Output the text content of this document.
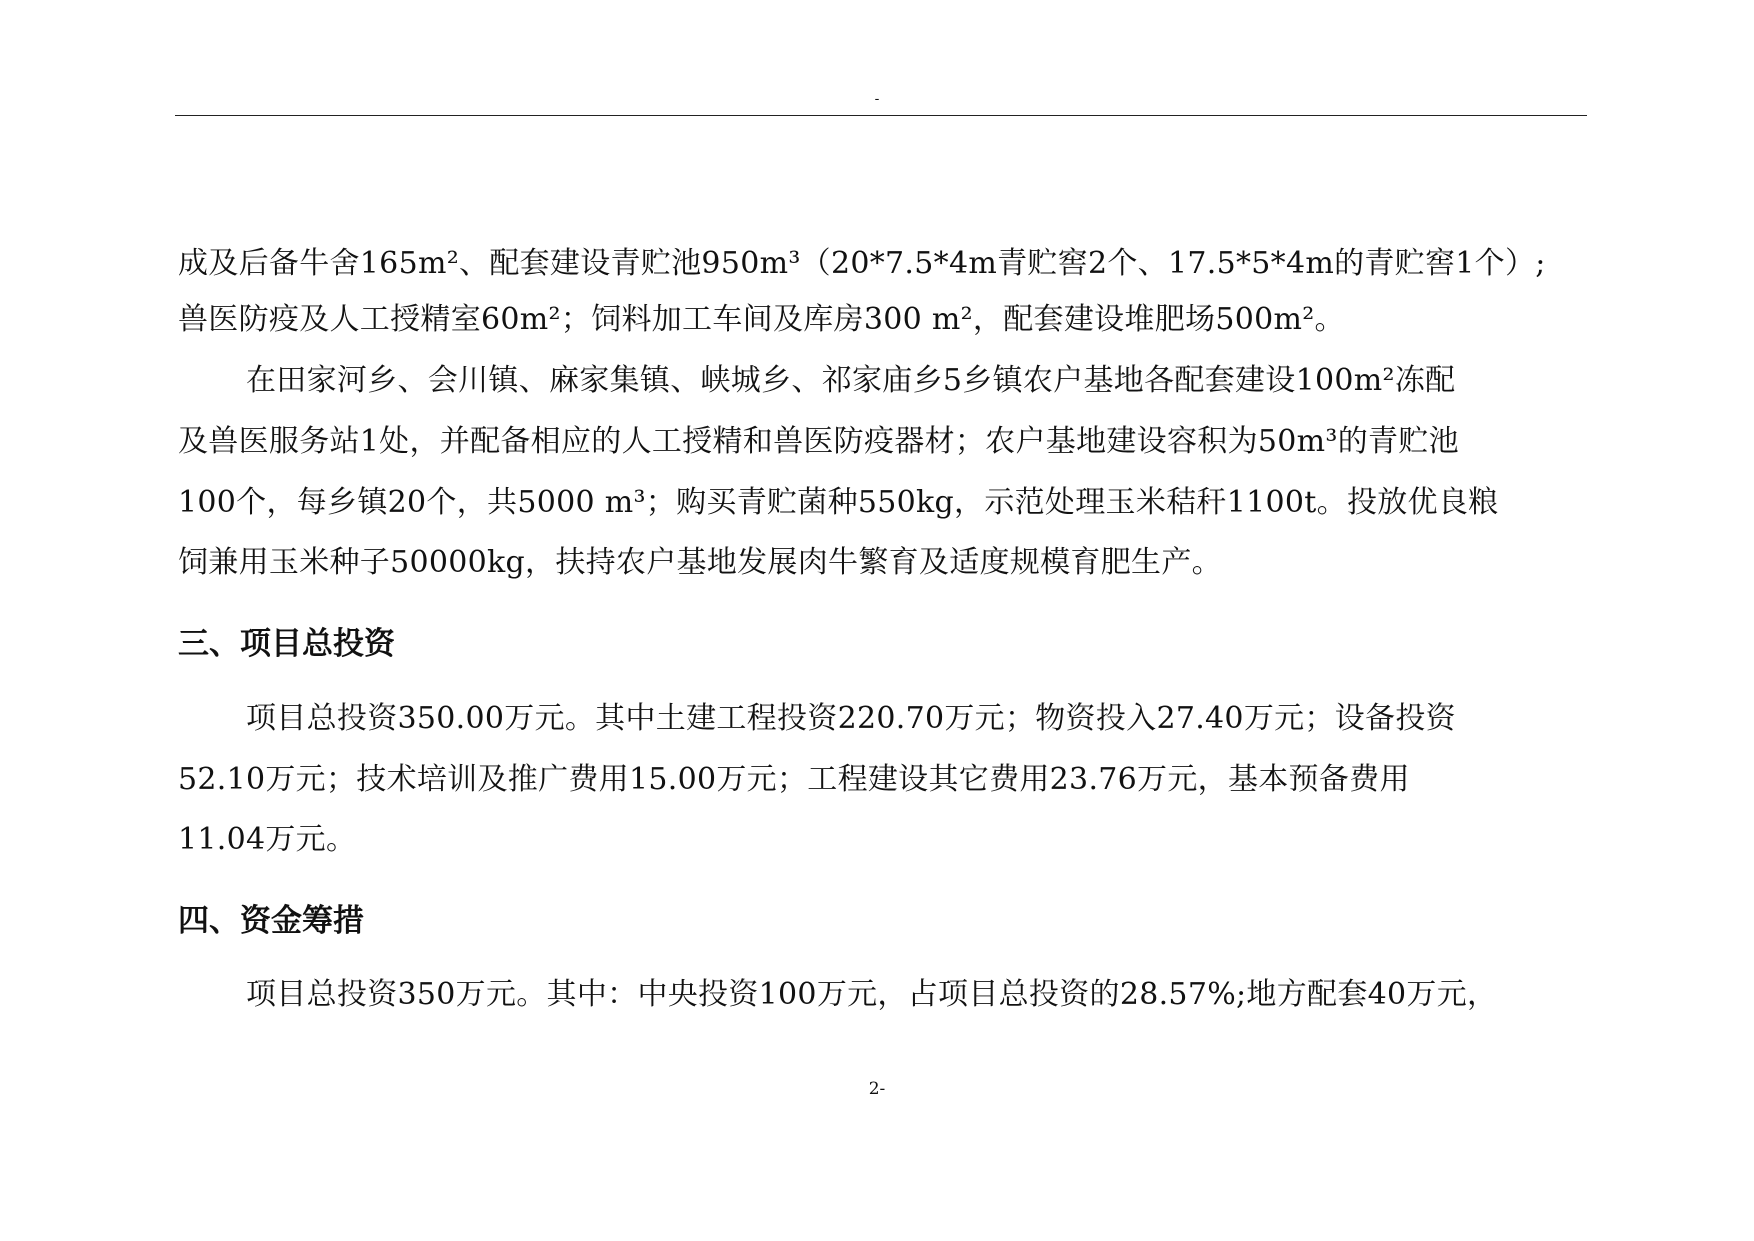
-
成及后备牛舍165m²、配套建设青贮池950m³（20*7.5*4m青贮窖2个、17.5*5*4m的青贮窖1个）;
兽医防疫及人工授精室60m²；饲料加工车间及库房300 m²，配套建设堆肥场500m²。
在田家河乡、会川镇、麻家集镇、峡城乡、祁家庙乡5乡镇农户基地各配套建设100m²冻配
及兽医服务站1处，并配备相应的人工授精和兽医防疫器材；农户基地建设容积为50m³的青贮池
100个，每乡镇20个，共5000 m³；购买青贮菌种550kg，示范处理玉米秸秆1100t。投放优良粮
饲兼用玉米种子50000kg，扶持农户基地发展肉牛繁育及适度规模育肥生产。
三、项目总投资
项目总投资350.00万元。其中土建工程投资220.70万元；物资投入27.40万元；设备投资
52.10万元；技术培训及推广费用15.00万元；工程建设其它费用23.76万元，基本预备费用
11.04万元。
四、资金筹措
项目总投资350万元。其中：中央投资100万元，占项目总投资的28.57%;地方配套40万元，
2-
